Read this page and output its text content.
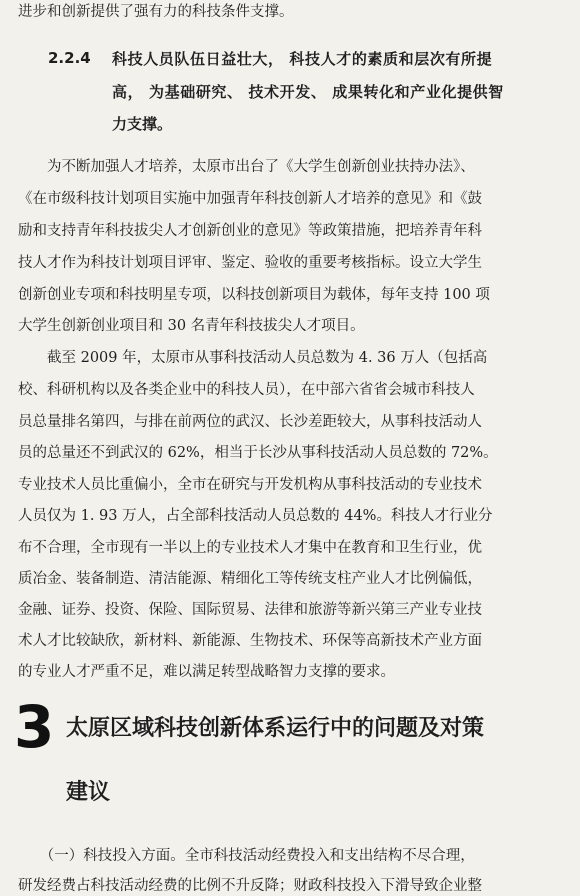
进步和创新提供了强有力的科技条件支撑。

2.2.4 科技人员队伍日益壮大， 科技人才的素质和层次有所提

高， 为基础研究、 技术开发、 成果转化和产业化提供智

力支撑。

　　为不断加强人才培养，太原市出台了《大学生创新创业扶持办法》、

《在市级科技计划项目实施中加强青年科技创新人才培养的意见》和《鼓

励和支持青年科技拔尖人才创新创业的意见》等政策措施，把培养青年科

技人才作为科技计划项目评审、鉴定、验收的重要考核指标。设立大学生

创新创业专项和科技明星专项，以科技创新项目为载体，每年支持 100 项

大学生创新创业项目和 30 名青年科技拔尖人才项目。

　　截至 2009 年，太原市从事科技活动人员总数为 4. 36 万人（包括高

校、科研机构以及各类企业中的科技人员），在中部六省省会城市科技人

员总量排名第四，与排在前两位的武汉、长沙差距较大，从事科技活动人

员的总量还不到武汉的 62%，相当于长沙从事科技活动人员总数的 72%。

专业技术人员比重偏小，全市在研究与开发机构从事科技活动的专业技术

人员仅为 1. 93 万人，占全部科技活动人员总数的 44%。科技人才行业分

布不合理，全市现有一半以上的专业技术人才集中在教育和卫生行业，优

质冶金、装备制造、清洁能源、精细化工等传统支柱产业人才比例偏低，

金融、证券、投资、保险、国际贸易、法律和旅游等新兴第三产业专业技

术人才比较缺欣，新材料、新能源、生物技术、环保等高新技术产业方面

的专业人才严重不足，难以满足转型战略智力支撑的要求。

3 太原区域科技创新体系运行中的问题及对策

建议

　　（一）科技投入方面。全市科技活动经费投入和支出结构不尽合理，

研发经费占科技活动经费的比例不升反降；财政科技投入下滑导致企业整
